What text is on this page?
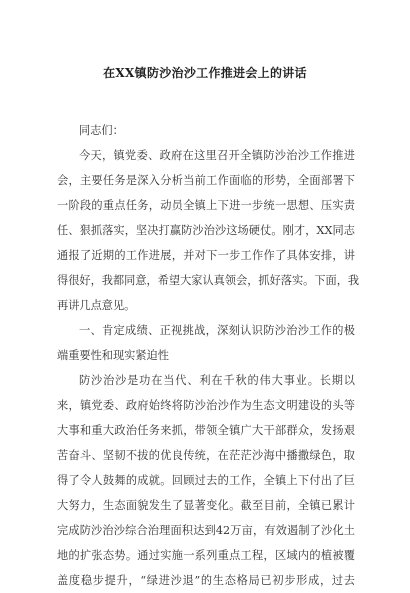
在XX镇防沙治沙工作推进会上的讲话
同志们：
今天，镇党委、政府在这里召开全镇防沙治沙工作推进
会，主要任务是深入分析当前工作面临的形势，全面部署下
一阶段的重点任务，动员全镇上下进一步统一思想、压实责
任、狠抓落实，坚决打赢防沙治沙这场硬仗。刚才，XX同志
通报了近期的工作进展，并对下一步工作作了具体安排，讲
得很好，我都同意，希望大家认真领会，抓好落实。下面，我
再讲几点意见。
一、肯定成绩、正视挑战，深刻认识防沙治沙工作的极
端重要性和现实紧迫性
防沙治沙是功在当代、利在千秋的伟大事业。长期以
来，镇党委、政府始终将防沙治沙作为生态文明建设的头等
大事和重大政治任务来抓，带领全镇广大干部群众，发扬艰
苦奋斗、坚韧不拔的优良传统，在茫茫沙海中播撒绿色，取
得了令人鼓舞的成就。回顾过去的工作，全镇上下付出了巨
大努力，生态面貌发生了显著变化。截至目前，全镇已累计
完成防沙治沙综合治理面积达到42万亩，有效遏制了沙化土
地的扩张态势。通过实施一系列重点工程，区域内的植被覆
盖度稳步提升，“绿进沙退”的生态格局已初步形成，过去
